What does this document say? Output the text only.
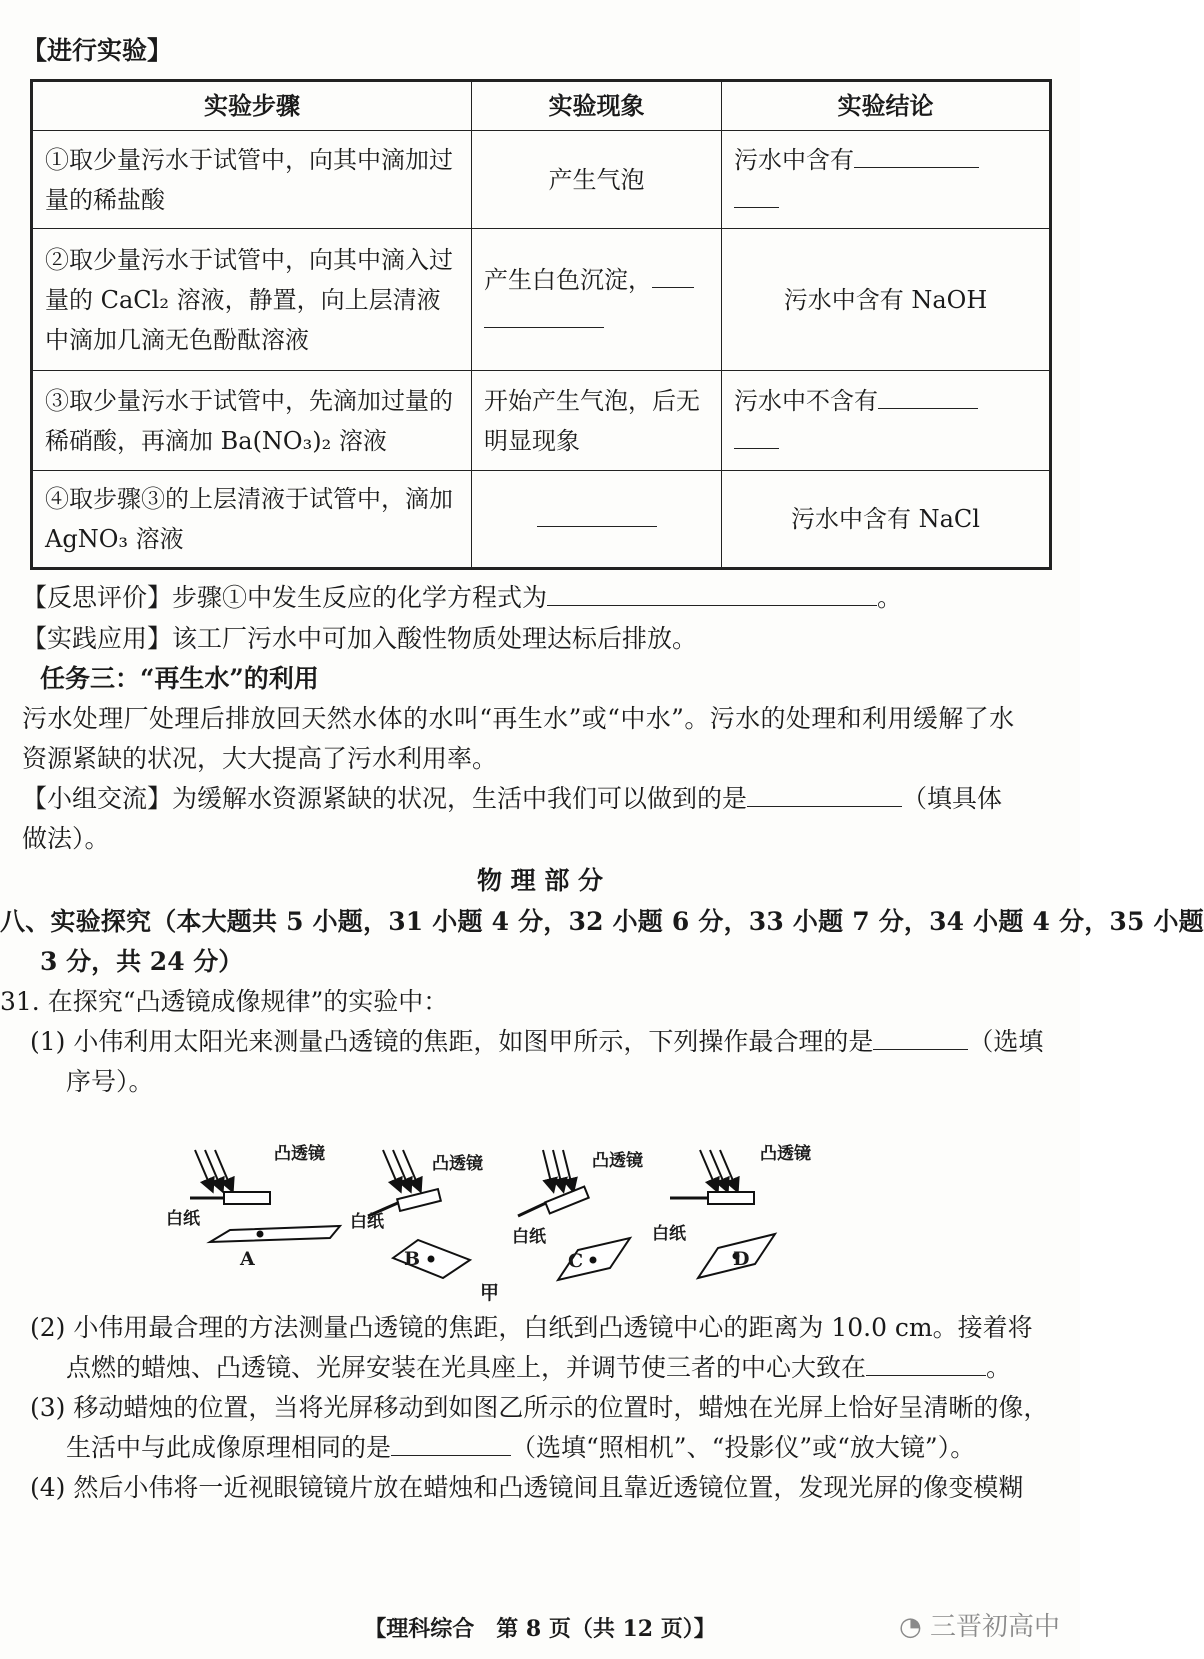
【进行实验】
实验步骤	实验现象	实验结论
①取少量污水于试管中，向其中滴加过量的稀盐酸	产生气泡	污水中含有

②取少量污水于试管中，向其中滴入过量的 CaCl₂ 溶液，静置，向上层清液中滴加几滴无色酚酞溶液	产生白色沉淀，	污水中含有 NaOH
③取少量污水于试管中，先滴加过量的稀硝酸，再滴加 Ba(NO₃)₂ 溶液	开始产生气泡，后无明显现象	污水中不含有

④取步骤③的上层清液于试管中，滴加 AgNO₃ 溶液		污水中含有 NaCl
【反思评价】步骤①中发生反应的化学方程式为	。
【实践应用】该工厂污水中可加入酸性物质处理达标后排放。
任务三：“再生水”的利用
污水处理厂处理后排放回天然水体的水叫“再生水”或“中水”。污水的处理和利用缓解了水
资源紧缺的状况，大大提高了污水利用率。
【小组交流】为缓解水资源紧缺的状况，生活中我们可以做到的是	（填具体
做法）。
物 理 部 分
八、实验探究（本大题共 5 小题，31 小题 4 分，32 小题 6 分，33 小题 7 分，34 小题 4 分，35 小题
3 分，共 24 分）
31. 在探究“凸透镜成像规律”的实验中：
(1) 小伟利用太阳光来测量凸透镜的焦距，如图甲所示，下列操作最合理的是	（选填
序号）。
凸透镜	凸透镜	凸透镜	凸透镜
白纸	白纸
白纸	白纸
A	B	C	D
甲
(2) 小伟用最合理的方法测量凸透镜的焦距，白纸到凸透镜中心的距离为 10.0 cm。接着将
点燃的蜡烛、凸透镜、光屏安装在光具座上，并调节使三者的中心大致在	。
(3) 移动蜡烛的位置，当将光屏移动到如图乙所示的位置时，蜡烛在光屏上恰好呈清晰的像，
生活中与此成像原理相同的是	（选填“照相机”、“投影仪”或“放大镜”）。
(4) 然后小伟将一近视眼镜镜片放在蜡烛和凸透镜间且靠近透镜位置，发现光屏的像变模糊
【理科综合　第 8 页（共 12 页）】	◔ 三晋初高中
